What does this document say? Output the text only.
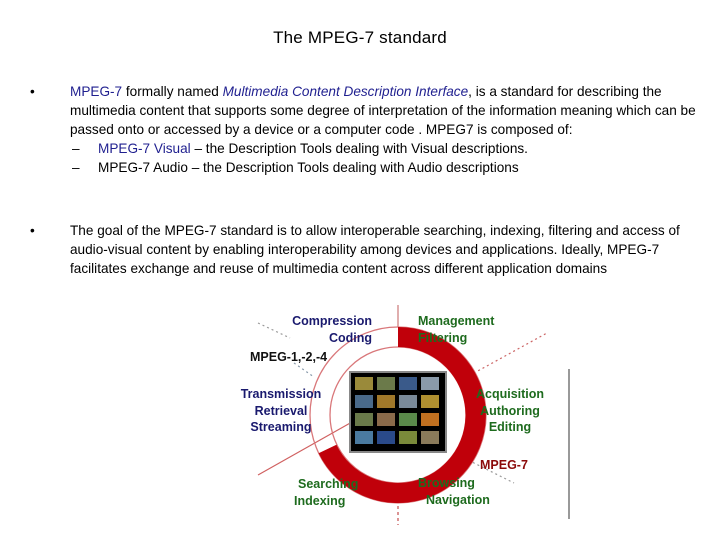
The MPEG-7 standard
•	MPEG-7 formally named Multimedia Content Description Interface, is a standard for describing the multimedia content that supports some degree of interpretation of the information meaning which can be passed onto or accessed by a device or a computer code . MPEG7 is composed of:
–	MPEG-7 Visual – the Description Tools dealing with Visual descriptions.
–	MPEG-7 Audio – the Description Tools dealing with Audio descriptions
•	The goal of the MPEG-7 standard is to allow interoperable searching, indexing, filtering and access of audio-visual content by enabling interoperability among devices and applications. Ideally, MPEG-7 facilitates exchange and reuse of multimedia content across different application domains
Compression
Coding
MPEG-1,-2,-4
Management
Filtering
Transmission
Retrieval
Streaming
Acquisition
Authoring
Editing
MPEG-7
Searching
Indexing
Browsing
Navigation
